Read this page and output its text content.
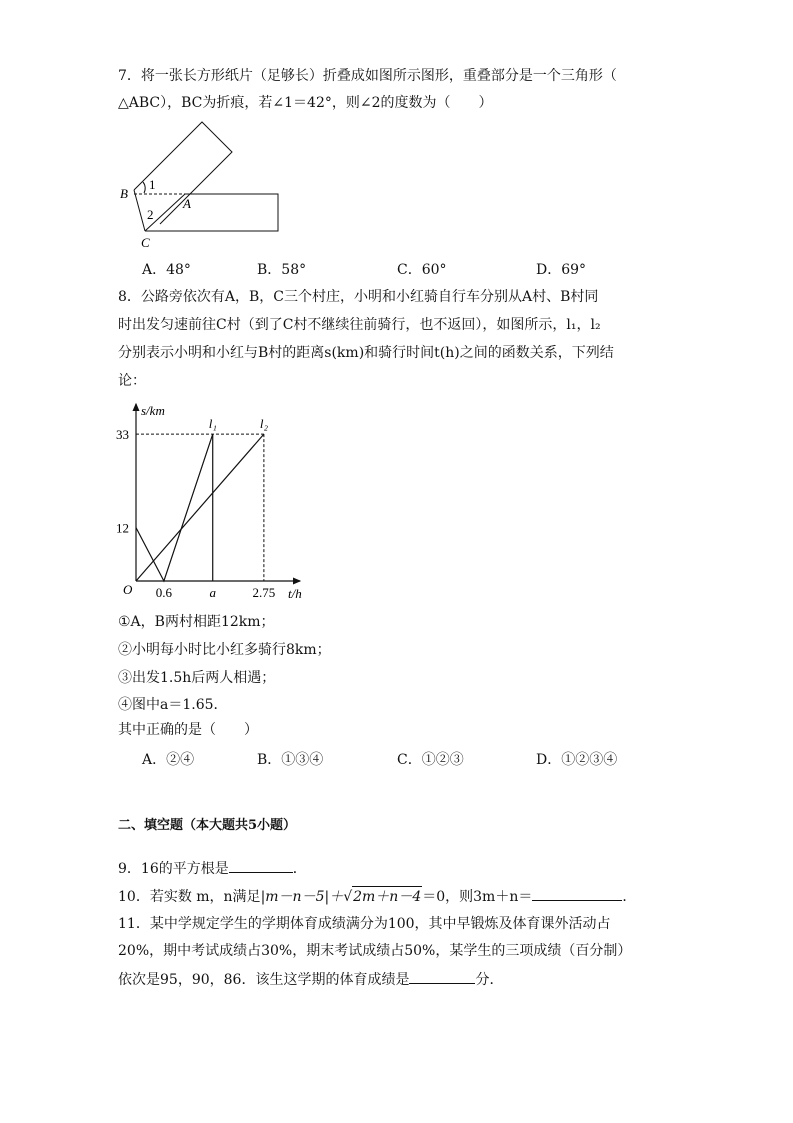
7．将一张长方形纸片（足够长）折叠成如图所示图形，重叠部分是一个三角形（
△ABC），BC为折痕，若∠1＝42°，则∠2的度数为（　　）
B
1
A
2
C
A．48°	B．58°	C．60°	D．69°
8．公路旁依次有A，B，C三个村庄，小明和小红骑自行车分别从A村、B村同
时出发匀速前往C村（到了C村不继续往前骑行，也不返回），如图所示，l₁，l₂
分别表示小明和小红与B村的距离s(km)和骑行时间t(h)之间的函数关系，下列结
论：
s/km
t/h
O
l₁	l₂
12
33
0.6	a	2.75
①A，B两村相距12km；
②小明每小时比小红多骑行8km；
③出发1.5h后两人相遇；
④图中a＝1.65．
其中正确的是（　　）
A．②④	B．①③④	C．①②③	D．①②③④
二、填空题（本大题共5小题）
9．16的平方根是	．
10．若实数 m，n满足|m－n－5|＋√2m＋n－4＝0，则3m＋n＝	．
11．某中学规定学生的学期体育成绩满分为100，其中早锻炼及体育课外活动占
20%，期中考试成绩占30%，期末考试成绩占50%，某学生的三项成绩（百分制）
依次是95，90，86．该生这学期的体育成绩是	分．
